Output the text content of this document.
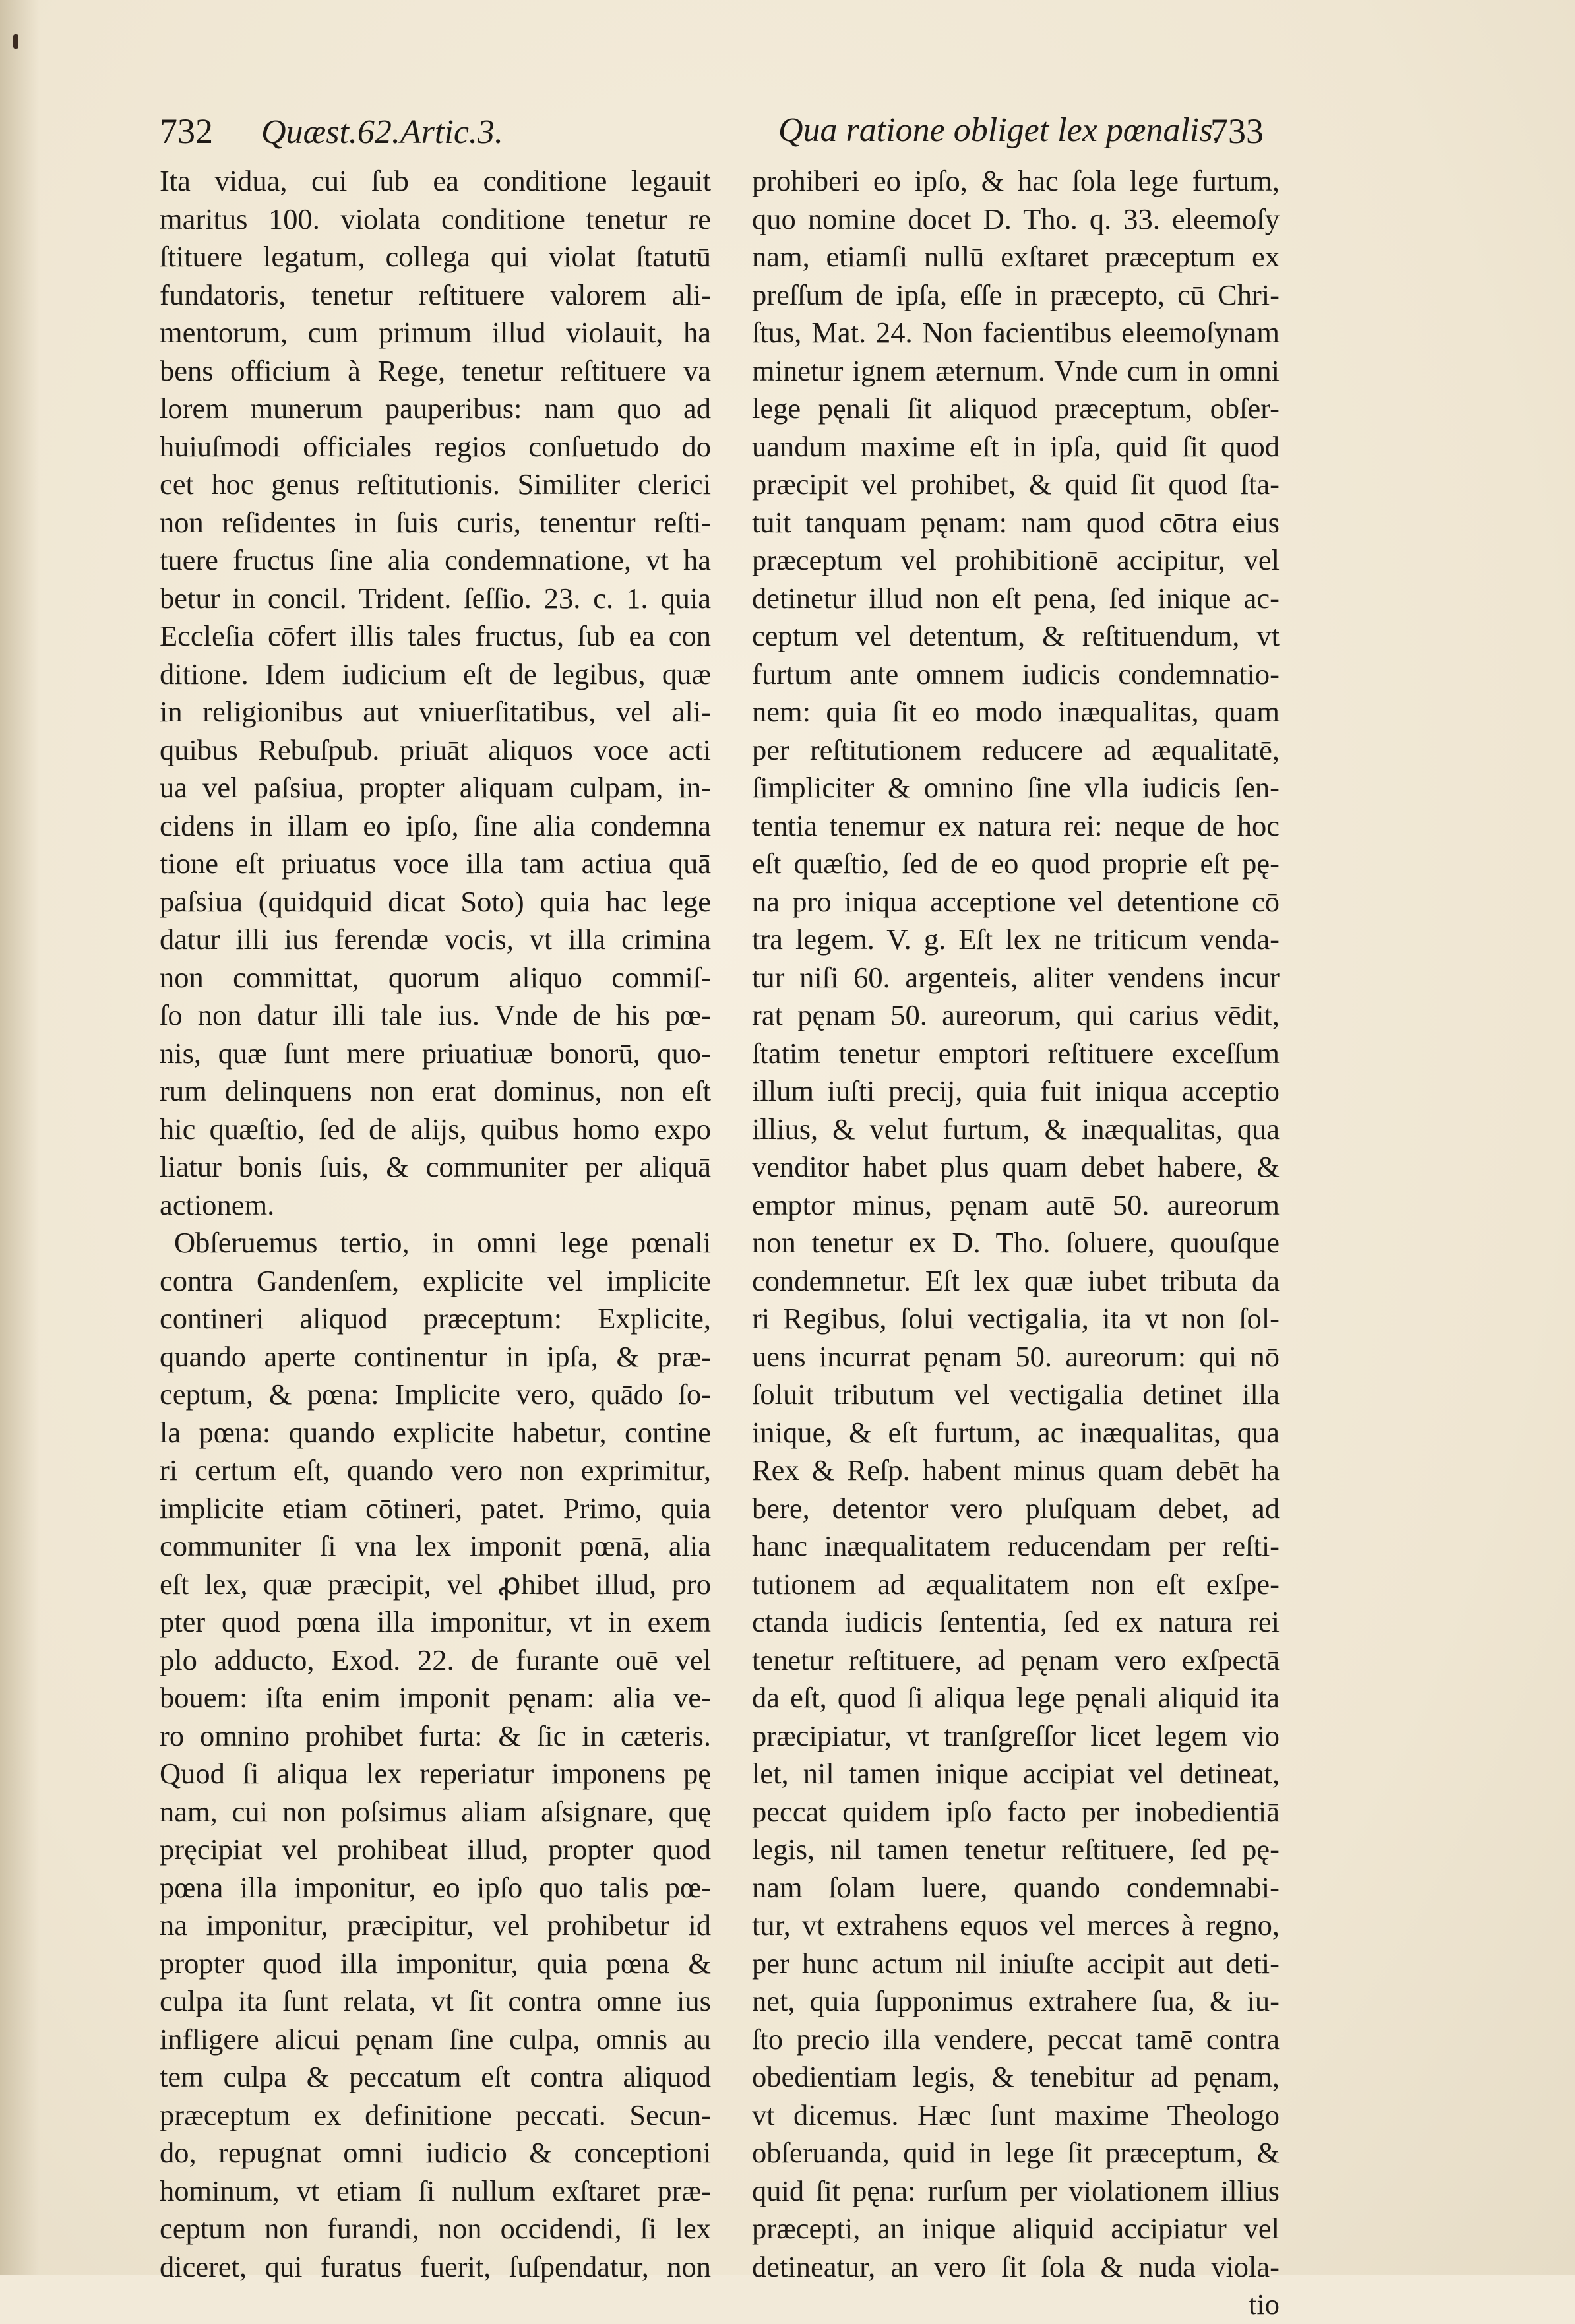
732 Quæst.62.Artic.3.	Qua ratione obliget lex pœnalis.
733
Ita vidua, cui ſub ea conditione legauit
maritus 100. violata conditione tenetur re
ſtituere legatum, collega qui violat ſtatutū
fundatoris, tenetur reſtituere valorem ali-
mentorum, cum primum illud violauit, ha
bens officium à Rege, tenetur reſtituere va
lorem munerum pauperibus: nam quo ad
huiuſmodi officiales regios conſuetudo do
cet hoc genus reſtitutionis. Similiter clerici
non reſidentes in ſuis curis, tenentur reſti-
tuere fructus ſine alia condemnatione, vt ha
betur in concil. Trident. ſeſſio. 23. c. 1. quia
Eccleſia cōfert illis tales fructus, ſub ea con
ditione. Idem iudicium eſt de legibus, quæ
in religionibus aut vniuerſitatibus, vel ali-
quibus Rebuſpub. priuāt aliquos voce acti
ua vel paſsiua, propter aliquam culpam, in-
cidens in illam eo ipſo, ſine alia condemna
tione eſt priuatus voce illa tam actiua quā
paſsiua (quidquid dicat Soto) quia hac lege
datur illi ius ferendæ vocis, vt illa crimina
non committat, quorum aliquo commiſ-
ſo non datur illi tale ius. Vnde de his pœ-
nis, quæ ſunt mere priuatiuæ bonorū, quo-
rum delinquens non erat dominus, non eſt
hic quæſtio, ſed de alijs, quibus homo expo
liatur bonis ſuis, & communiter per aliquā
actionem.
Obſeruemus tertio, in omni lege pœnali
contra Gandenſem, explicite vel implicite
contineri aliquod præceptum: Explicite,
quando aperte continentur in ipſa, & præ-
ceptum, & pœna: Implicite vero, quādo ſo-
la pœna: quando explicite habetur, contine
ri certum eſt, quando vero non exprimitur,
implicite etiam cōtineri, patet. Primo, quia
communiter ſi vna lex imponit pœnā, alia
eſt lex, quæ præcipit, vel ꝓhibet illud, pro
pter quod pœna illa imponitur, vt in exem
plo adducto, Exod. 22. de furante ouē vel
bouem: iſta enim imponit pęnam: alia ve-
ro omnino prohibet furta: & ſic in cæteris.
Quod ſi aliqua lex reperiatur imponens pę
nam, cui non poſsimus aliam aſsignare, quę
pręcipiat vel prohibeat illud, propter quod
pœna illa imponitur, eo ipſo quo talis pœ-
na imponitur, præcipitur, vel prohibetur id
propter quod illa imponitur, quia pœna &
culpa ita ſunt relata, vt ſit contra omne ius
infligere alicui pęnam ſine culpa, omnis au
tem culpa & peccatum eſt contra aliquod
præceptum ex definitione peccati. Secun-
do, repugnat omni iudicio & conceptioni
hominum, vt etiam ſi nullum exſtaret præ-
ceptum non furandi, non occidendi, ſi lex
diceret, qui furatus fuerit, ſuſpendatur, non
prohiberi eo ipſo, & hac ſola lege furtum,
quo nomine docet D. Tho. q. 33. eleemoſy
nam, etiamſi nullū exſtaret præceptum ex
preſſum de ipſa, eſſe in præcepto, cū Chri-
ſtus, Mat. 24. Non facientibus eleemoſynam
minetur ignem æternum. Vnde cum in omni
lege pęnali ſit aliquod præceptum, obſer-
uandum maxime eſt in ipſa, quid ſit quod
præcipit vel prohibet, & quid ſit quod ſta-
tuit tanquam pęnam: nam quod cōtra eius
præceptum vel prohibitionē accipitur, vel
detinetur illud non eſt pena, ſed inique ac-
ceptum vel detentum, & reſtituendum, vt
furtum ante omnem iudicis condemnatio-
nem: quia ſit eo modo inæqualitas, quam
per reſtitutionem reducere ad æqualitatē,
ſimpliciter & omnino ſine vlla iudicis ſen-
tentia tenemur ex natura rei: neque de hoc
eſt quæſtio, ſed de eo quod proprie eſt pę-
na pro iniqua acceptione vel detentione cō
tra legem. V. g. Eſt lex ne triticum venda-
tur niſi 60. argenteis, aliter vendens incur
rat pęnam 50. aureorum, qui carius vēdit,
ſtatim tenetur emptori reſtituere exceſſum
illum iuſti precij, quia fuit iniqua acceptio
illius, & velut furtum, & inæqualitas, qua
venditor habet plus quam debet habere, &
emptor minus, pęnam autē 50. aureorum
non tenetur ex D. Tho. ſoluere, quouſque
condemnetur. Eſt lex quæ iubet tributa da
ri Regibus, ſolui vectigalia, ita vt non ſol-
uens incurrat pęnam 50. aureorum: qui nō
ſoluit tributum vel vectigalia detinet illa
inique, & eſt furtum, ac inæqualitas, qua
Rex & Reſp. habent minus quam debēt ha
bere, detentor vero pluſquam debet, ad
hanc inæqualitatem reducendam per reſti-
tutionem ad æqualitatem non eſt exſpe-
ctanda iudicis ſententia, ſed ex natura rei
tenetur reſtituere, ad pęnam vero exſpectā
da eſt, quod ſi aliqua lege pęnali aliquid ita
præcipiatur, vt tranſgreſſor licet legem vio
let, nil tamen inique accipiat vel detineat,
peccat quidem ipſo facto per inobedientiā
legis, nil tamen tenetur reſtituere, ſed pę-
nam ſolam luere, quando condemnabi-
tur, vt extrahens equos vel merces à regno,
per hunc actum nil iniuſte accipit aut deti-
net, quia ſupponimus extrahere ſua, & iu-
ſto precio illa vendere, peccat tamē contra
obedientiam legis, & tenebitur ad pęnam,
vt dicemus. Hæc ſunt maxime Theologo
obſeruanda, quid in lege ſit præceptum, &
quid ſit pęna: rurſum per violationem illius
præcepti, an inique aliquid accipiatur vel
detineatur, an vero ſit ſola & nuda viola-
tio
